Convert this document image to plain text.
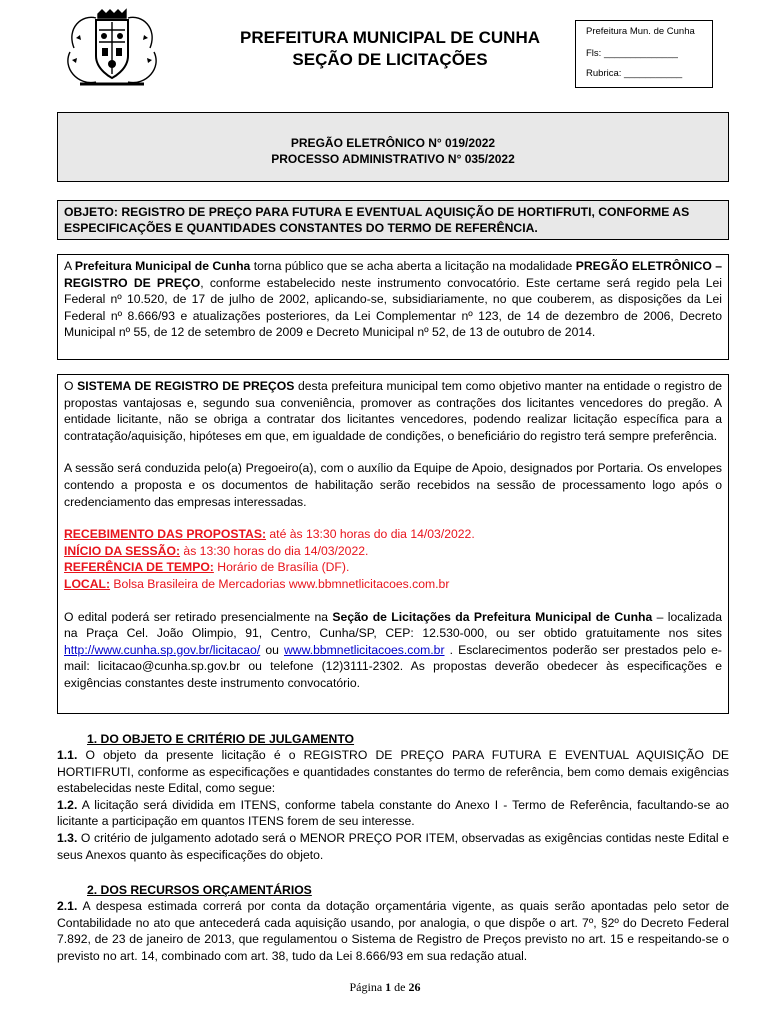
PREFEITURA MUNICIPAL DE CUNHA
SEÇÃO DE LICITAÇÕES
Prefeitura Mun. de Cunha
Fls: ______________
Rubrica: ___________
PREGÃO ELETRÔNICO N° 019/2022
PROCESSO ADMINISTRATIVO N° 035/2022
OBJETO: REGISTRO DE PREÇO PARA FUTURA E EVENTUAL AQUISIÇÃO DE HORTIFRUTI, CONFORME AS
ESPECIFICAÇÕES E QUANTIDADES CONSTANTES DO TERMO DE REFERÊNCIA.

A Prefeitura Municipal de Cunha torna público que se acha aberta a licitação na modalidade PREGÃO ELETRÔNICO – REGISTRO DE PREÇO, conforme estabelecido neste instrumento convocatório. Este certame será regido pela Lei Federal nº 10.520, de 17 de julho de 2002, aplicando-se, subsidiariamente, no que couberem, as disposições da Lei Federal nº 8.666/93 e atualizações posteriores, da Lei Complementar nº 123, de 14 de dezembro de 2006, Decreto Municipal nº 55, de 12 de setembro de 2009 e Decreto Municipal nº 52, de 13 de outubro de 2014.

O SISTEMA DE REGISTRO DE PREÇOS desta prefeitura municipal tem como objetivo manter na entidade o registro de propostas vantajosas e, segundo sua conveniência, promover as contrações dos licitantes vencedores do pregão. A entidade licitante, não se obriga a contratar dos licitantes vencedores, podendo realizar licitação específica para a contratação/aquisição, hipóteses em que, em igualdade de condições, o beneficiário do registro terá sempre preferência.

A sessão será conduzida pelo(a) Pregoeiro(a), com o auxílio da Equipe de Apoio, designados por Portaria. Os envelopes contendo a proposta e os documentos de habilitação serão recebidos na sessão de processamento logo após o credenciamento das empresas interessadas.

RECEBIMENTO DAS PROPOSTAS: até às 13:30 horas do dia 14/03/2022.
INÍCIO DA SESSÃO: às 13:30 horas do dia 14/03/2022.
REFERÊNCIA DE TEMPO: Horário de Brasília (DF).
LOCAL: Bolsa Brasileira de Mercadorias www.bbmnetlicitacoes.com.br

O edital poderá ser retirado presencialmente na Seção de Licitações da Prefeitura Municipal de Cunha – localizada na Praça Cel. João Olimpio, 91, Centro, Cunha/SP, CEP: 12.530-000, ou ser obtido gratuitamente nos sites http://www.cunha.sp.gov.br/licitacao/ ou www.bbmnetlicitacoes.com.br . Esclarecimentos poderão ser prestados pelo e-mail: licitacao@cunha.sp.gov.br ou telefone (12)3111-2302. As propostas deverão obedecer às especificações e exigências constantes deste instrumento convocatório.

1. DO OBJETO E CRITÉRIO DE JULGAMENTO

1.1. O objeto da presente licitação é o REGISTRO DE PREÇO PARA FUTURA E EVENTUAL AQUISIÇÃO DE HORTIFRUTI, conforme as especificações e quantidades constantes do termo de referência, bem como demais exigências estabelecidas neste Edital, como segue:

1.2. A licitação será dividida em ITENS, conforme tabela constante do Anexo I - Termo de Referência, facultando-se ao licitante a participação em quantos ITENS forem de seu interesse.

1.3. O critério de julgamento adotado será o MENOR PREÇO POR ITEM, observadas as exigências contidas neste Edital e seus Anexos quanto às especificações do objeto.

2. DOS RECURSOS ORÇAMENTÁRIOS

2.1. A despesa estimada correrá por conta da dotação orçamentária vigente, as quais serão apontadas pelo setor de Contabilidade no ato que antecederá cada aquisição usando, por analogia, o que dispõe o art. 7º, §2º do Decreto Federal 7.892, de 23 de janeiro de 2013, que regulamentou o Sistema de Registro de Preços previsto no art. 15 e respeitando-se o previsto no art. 14, combinado com art. 38, tudo da Lei 8.666/93 em sua redação atual.

Página 1 de 26
